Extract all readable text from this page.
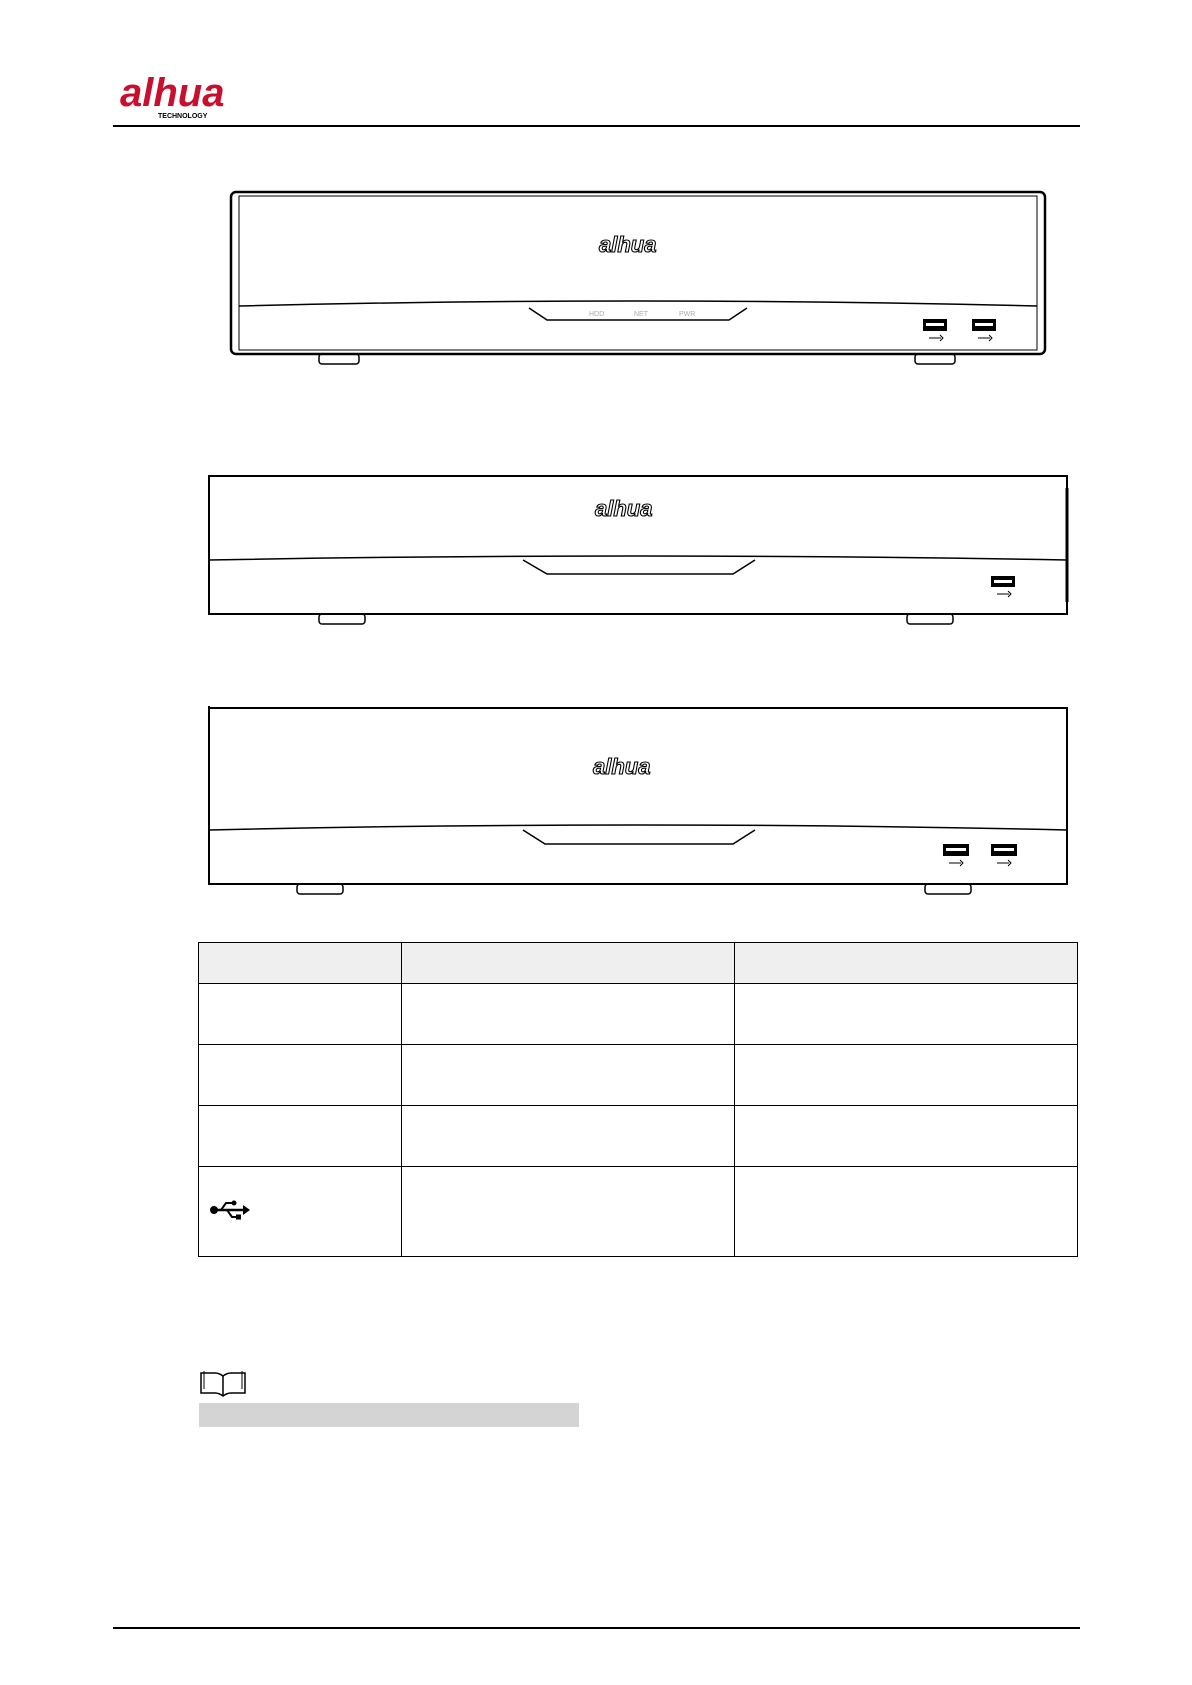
alhua
TECHNOLOGY
alhua
HDD	NET	PWR
alhua
alhua
